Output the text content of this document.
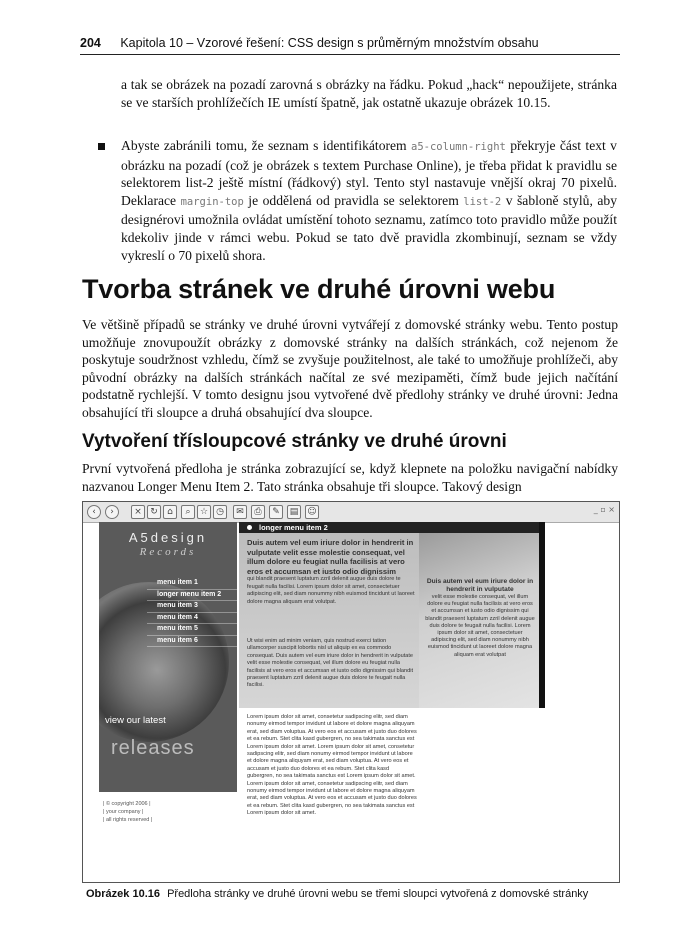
204 Kapitola 10 – Vzorové řešení: CSS design s průměrným množstvím obsahu
a tak se obrázek na pozadí zarovná s obrázky na řádku. Pokud „hack“ nepoužijete, stránka se ve starších prohlížečích IE umístí špatně, jak ostatně ukazuje obrázek 10.15.
Abyste zabránili tomu, že seznam s identifikátorem a5-column-right překryje část text v obrázku na pozadí (což je obrázek s textem Purchase Online), je třeba přidat k pravidlu se selektorem list-2 ještě místní (řádkový) styl. Tento styl nastavuje vnější okraj 70 pixelů. Deklarace margin-top je oddělená od pravidla se selektorem list-2 v šabloně stylů, aby designérovi umožnila ovládat umístění tohoto seznamu, zatímco toto pravidlo může použít kdekoliv jinde v rámci webu. Pokud se tato dvě pravidla zkombinují, seznam se vždy vykreslí o 70 pixelů shora.
Tvorba stránek ve druhé úrovni webu
Ve většině případů se stránky ve druhé úrovni vytvářejí z domovské stránky webu. Tento postup umožňuje znovupoužít obrázky z domovské stránky na dalších stránkách, což nejenom že poskytuje soudržnost vzhledu, čímž se zvyšuje použitelnost, ale také to umožňuje prohlížeči, aby původní obrázky na dalších stránkách načítal ze své mezipaměti, čímž bude jejich načítání podstatně rychlejší. V tomto designu jsou vytvořené dvě předlohy stránky ve druhé úrovni: Jedna obsahující tři sloupce a druhá obsahující dva sloupce.
Vytvoření třísloupcové stránky ve druhé úrovni
První vytvořená předloha je stránka zobrazující se, když klepnete na položku navigační nabídky nazvanou Longer Menu Item 2. Tato stránka obsahuje tři sloupce. Takový design
‹	›	× ↻	⌂	⌕	☆ ◷	✉	⎙	✎	▤	☺	_ ▫ ×
A5design
Records
menu item 1
longer menu item 2
menu item 3
menu item 4
menu item 5
menu item 6
view our latest
releases
| © copyright 2006 |
| your company |
| all rights reserved |
longer menu item 2
Duis autem vel eum iriure dolor in hendrerit in vulputate velit esse molestie consequat, vel illum dolore eu feugiat nulla facilisis at vero eros et accumsan et iusto odio dignissim
qui blandit praesent luptatum zzril delenit augue duis dolore te feugait nulla facilisi. Lorem ipsum dolor sit amet, consectetuer adipiscing elit, sed diam nonummy nibh euismod tincidunt ut laoreet dolore magna aliquam erat volutpat.
Ut wisi enim ad minim veniam, quis nostrud exerci tation ullamcorper suscipit lobortis nisl ut aliquip ex ea commodo consequat. Duis autem vel eum iriure dolor in hendrerit in vulputate velit esse molestie consequat, vel illum dolore eu feugiat nulla facilisis at vero eros et accumsan et iusto odio dignissim qui blandit praesent luptatum zzril delenit augue duis dolore te feugait nulla facilisi.
Duis autem vel eum iriure dolor in hendrerit in vulputate
velit esse molestie consequat, vel illum dolore eu feugiat nulla facilisis at vero eros et accumsan et iusto odio dignissim qui blandit praesent luptatum zzril delenit augue duis dolore te feugait nulla facilisi. Lorem ipsum dolor sit amet, consectetuer adipiscing elit, sed diam nonummy nibh euismod tincidunt ut laoreet dolore magna aliquam erat volutpat
Lorem ipsum dolor sit amet, consetetur sadipscing elitr, sed diam nonumy eirmod tempor invidunt ut labore et dolore magna aliquyam erat, sed diam voluptua. At vero eos et accusam et justo duo dolores et ea rebum. Stet clita kasd gubergren, no sea takimata sanctus est Lorem ipsum dolor sit amet. Lorem ipsum dolor sit amet, consetetur sadipscing elitr, sed diam nonumy eirmod tempor invidunt ut labore et dolore magna aliquyam erat, sed diam voluptua. At vero eos et accusam et justo duo dolores et ea rebum. Stet clita kasd gubergren, no sea takimata sanctus est Lorem ipsum dolor sit amet. Lorem ipsum dolor sit amet, consetetur sadipscing elitr, sed diam nonumy eirmod tempor invidunt ut labore et dolore magna aliquyam erat, sed diam voluptua. At vero eos et accusam et justo duo dolores et ea rebum. Stet clita kasd gubergren, no sea takimata sanctus est Lorem ipsum dolor sit amet.
Obrázek 10.16 Předloha stránky ve druhé úrovni webu se třemi sloupci vytvořená z domovské stránky
